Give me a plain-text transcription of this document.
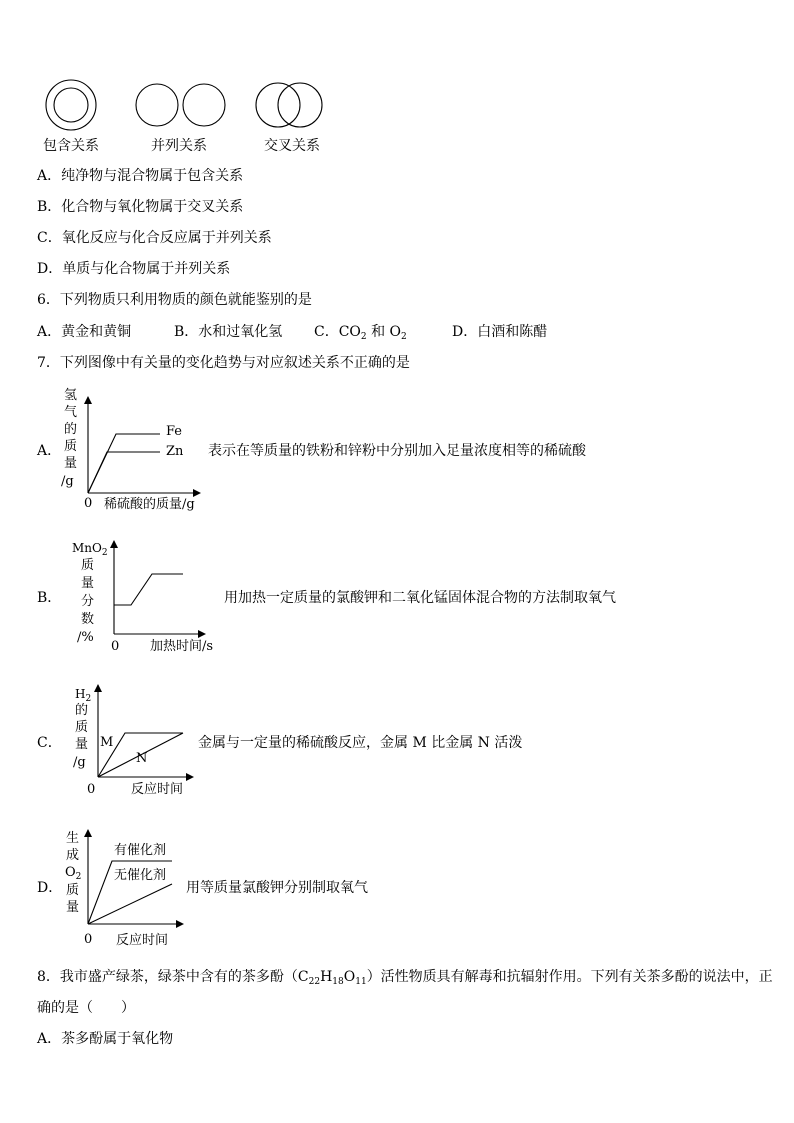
包含关系	并列关系	交叉关系
A．纯净物与混合物属于包含关系
B．化合物与氧化物属于交叉关系
C．氧化反应与化合反应属于并列关系
D．单质与化合物属于并列关系
6．下列物质只利用物质的颜色就能鉴别的是
A．黄金和黄铜	B．水和过氧化氢 C．$CO_2$ 和 $O_2$	D．白酒和陈醋
7．下列图像中有关量的变化趋势与对应叙述关系不正确的是
A．
氢
气
的
质
量
/g
0 稀硫酸的质量/g
Fe
Zn 表示在等质量的铁粉和锌粉中分别加入足量浓度相等的稀硫酸
B．
MnO$_2$
质
量
分
数
/%
0 加热时间/s
用加热一定质量的氯酸钾和二氧化锰固体混合物的方法制取氧气
C．
$H_2$
的
质
量
/g
M
N
0	反应时间
金属与一定量的稀硫酸反应，金属 M 比金属 N 活泼
D．
生
成
$O_2$
质
量
有催化剂
无催化剂
0 反应时间
用等质量氯酸钾分别制取氧气
8．我市盛产绿茶，绿茶中含有的茶多酚$(C_{22}H_{18}O_{11})$活性物质具有解毒和抗辐射作用。下列有关茶多酚的说法中，正
确的是（　　）
A．茶多酚属于氧化物
